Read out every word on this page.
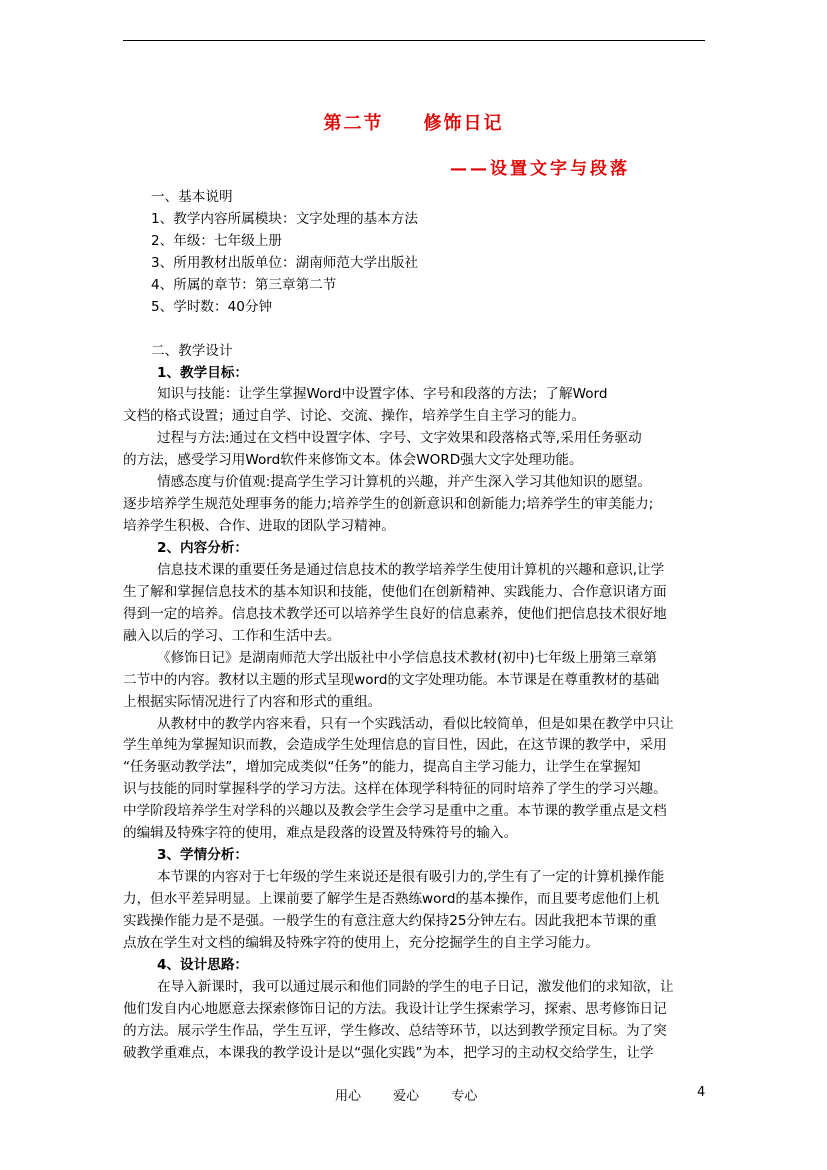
第二节　　修饰日记
——设置文字与段落
一、基本说明
1、教学内容所属模块：文字处理的基本方法
2、年级：七年级上册
3、所用教材出版单位：湖南师范大学出版社
4、所属的章节：第三章第二节
5、学时数：40分钟
二、教学设计
1、教学目标：
知识与技能：让学生掌握Word中设置字体、字号和段落的方法；了解Word
文档的格式设置；通过自学、讨论、交流、操作，培养学生自主学习的能力。
过程与方法:通过在文档中设置字体、字号、文字效果和段落格式等,采用任务驱动
的方法，感受学习用Word软件来修饰文本。体会WORD强大文字处理功能。
情感态度与价值观:提高学生学习计算机的兴趣，并产生深入学习其他知识的愿望。
逐步培养学生规范处理事务的能力;培养学生的创新意识和创新能力;培养学生的审美能力;
培养学生积极、合作、进取的团队学习精神。
2、内容分析：
信息技术课的重要任务是通过信息技术的教学培养学生使用计算机的兴趣和意识,让学
生了解和掌握信息技术的基本知识和技能，使他们在创新精神、实践能力、合作意识诸方面
得到一定的培养。信息技术教学还可以培养学生良好的信息素养，使他们把信息技术很好地
融入以后的学习、工作和生活中去。
《修饰日记》是湖南师范大学出版社中小学信息技术教材(初中)七年级上册第三章第
二节中的内容。教材以主题的形式呈现word的文字处理功能。本节课是在尊重教材的基础
上根据实际情况进行了内容和形式的重组。
从教材中的教学内容来看，只有一个实践活动，看似比较简单，但是如果在教学中只让
学生单纯为掌握知识而教，会造成学生处理信息的盲目性，因此，在这节课的教学中，采用
“任务驱动教学法”，增加完成类似“任务”的能力，提高自主学习能力，让学生在掌握知
识与技能的同时掌握科学的学习方法。这样在体现学科特征的同时培养了学生的学习兴趣。
中学阶段培养学生对学科的兴趣以及教会学生会学习是重中之重。本节课的教学重点是文档
的编辑及特殊字符的使用，难点是段落的设置及特殊符号的输入。
3、学情分析：
本节课的内容对于七年级的学生来说还是很有吸引力的,学生有了一定的计算机操作能
力，但水平差异明显。上课前要了解学生是否熟练word的基本操作，而且要考虑他们上机
实践操作能力是不是强。一般学生的有意注意大约保持25分钟左右。因此我把本节课的重
点放在学生对文档的编辑及特殊字符的使用上，充分挖掘学生的自主学习能力。
4、设计思路：
在导入新课时，我可以通过展示和他们同龄的学生的电子日记，激发他们的求知欲，让
他们发自内心地愿意去探索修饰日记的方法。我设计让学生探索学习，探索、思考修饰日记
的方法。展示学生作品，学生互评，学生修改、总结等环节，以达到教学预定目标。为了突
破教学重难点，本课我的教学设计是以“强化实践”为本，把学习的主动权交给学生，让学
用心 爱心 专心	4
